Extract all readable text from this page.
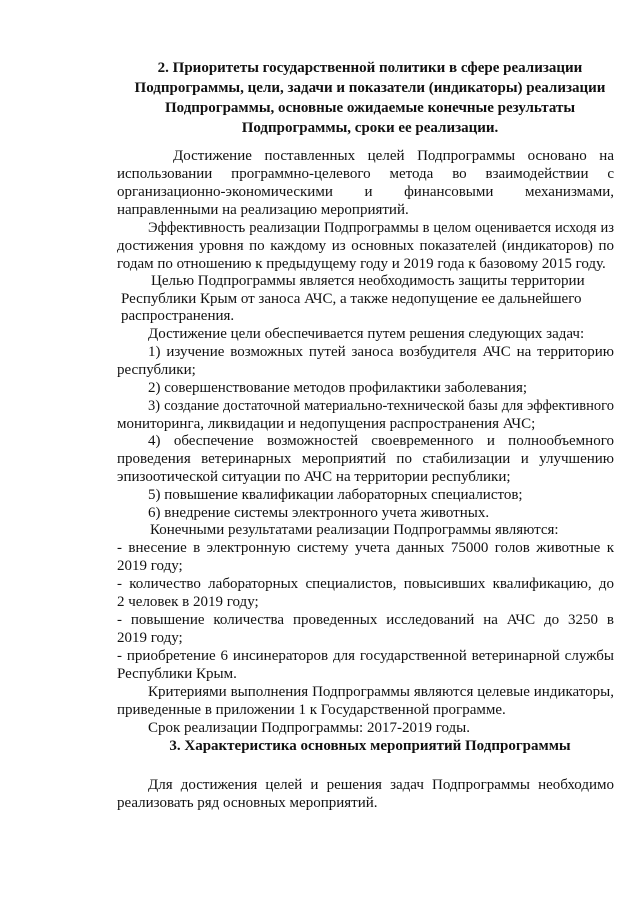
2. Приоритеты государственной политики в сфере реализации
Подпрограммы, цели, задачи и показатели (индикаторы) реализации
Подпрограммы, основные ожидаемые конечные результаты
Подпрограммы, сроки ее реализации.
Достижение поставленных целей Подпрограммы основано на
использовании программно-целевого метода во взаимодействии с
организационно-экономическими и финансовыми механизмами,
направленными на реализацию мероприятий.
Эффективность реализации Подпрограммы в целом оценивается исходя из
достижения уровня по каждому из основных показателей (индикаторов) по
годам по отношению к предыдущему году и 2019 года к базовому 2015 году.
Целью Подпрограммы является необходимость защиты территории
Республики Крым от заноса АЧС, а также недопущение ее дальнейшего
распространения.
Достижение цели обеспечивается путем решения следующих задач:
1) изучение возможных путей заноса возбудителя АЧС на территорию
республики;
2) совершенствование методов профилактики заболевания;
3) создание достаточной материально-технической базы для эффективного
мониторинга, ликвидации и недопущения распространения АЧС;
4) обеспечение возможностей своевременного и полнообъемного
проведения ветеринарных мероприятий по стабилизации и улучшению
эпизоотической ситуации по АЧС на территории республики;
5) повышение квалификации лабораторных специалистов;
6) внедрение системы электронного учета животных.
Конечными результатами реализации Подпрограммы являются:
- внесение в электронную систему учета данных 75000 голов животные к
2019 году;
- количество лабораторных специалистов, повысивших квалификацию, до
2 человек в 2019 году;
- повышение количества проведенных исследований на АЧС до 3250 в
2019 году;
- приобретение 6 инсинераторов для государственной ветеринарной службы
Республики Крым.
Критериями выполнения Подпрограммы являются целевые индикаторы,
приведенные в приложении 1 к Государственной программе.
Срок реализации Подпрограммы: 2017-2019 годы.
3. Характеристика основных мероприятий Подпрограммы
Для достижения целей и решения задач Подпрограммы необходимо
реализовать ряд основных мероприятий.
